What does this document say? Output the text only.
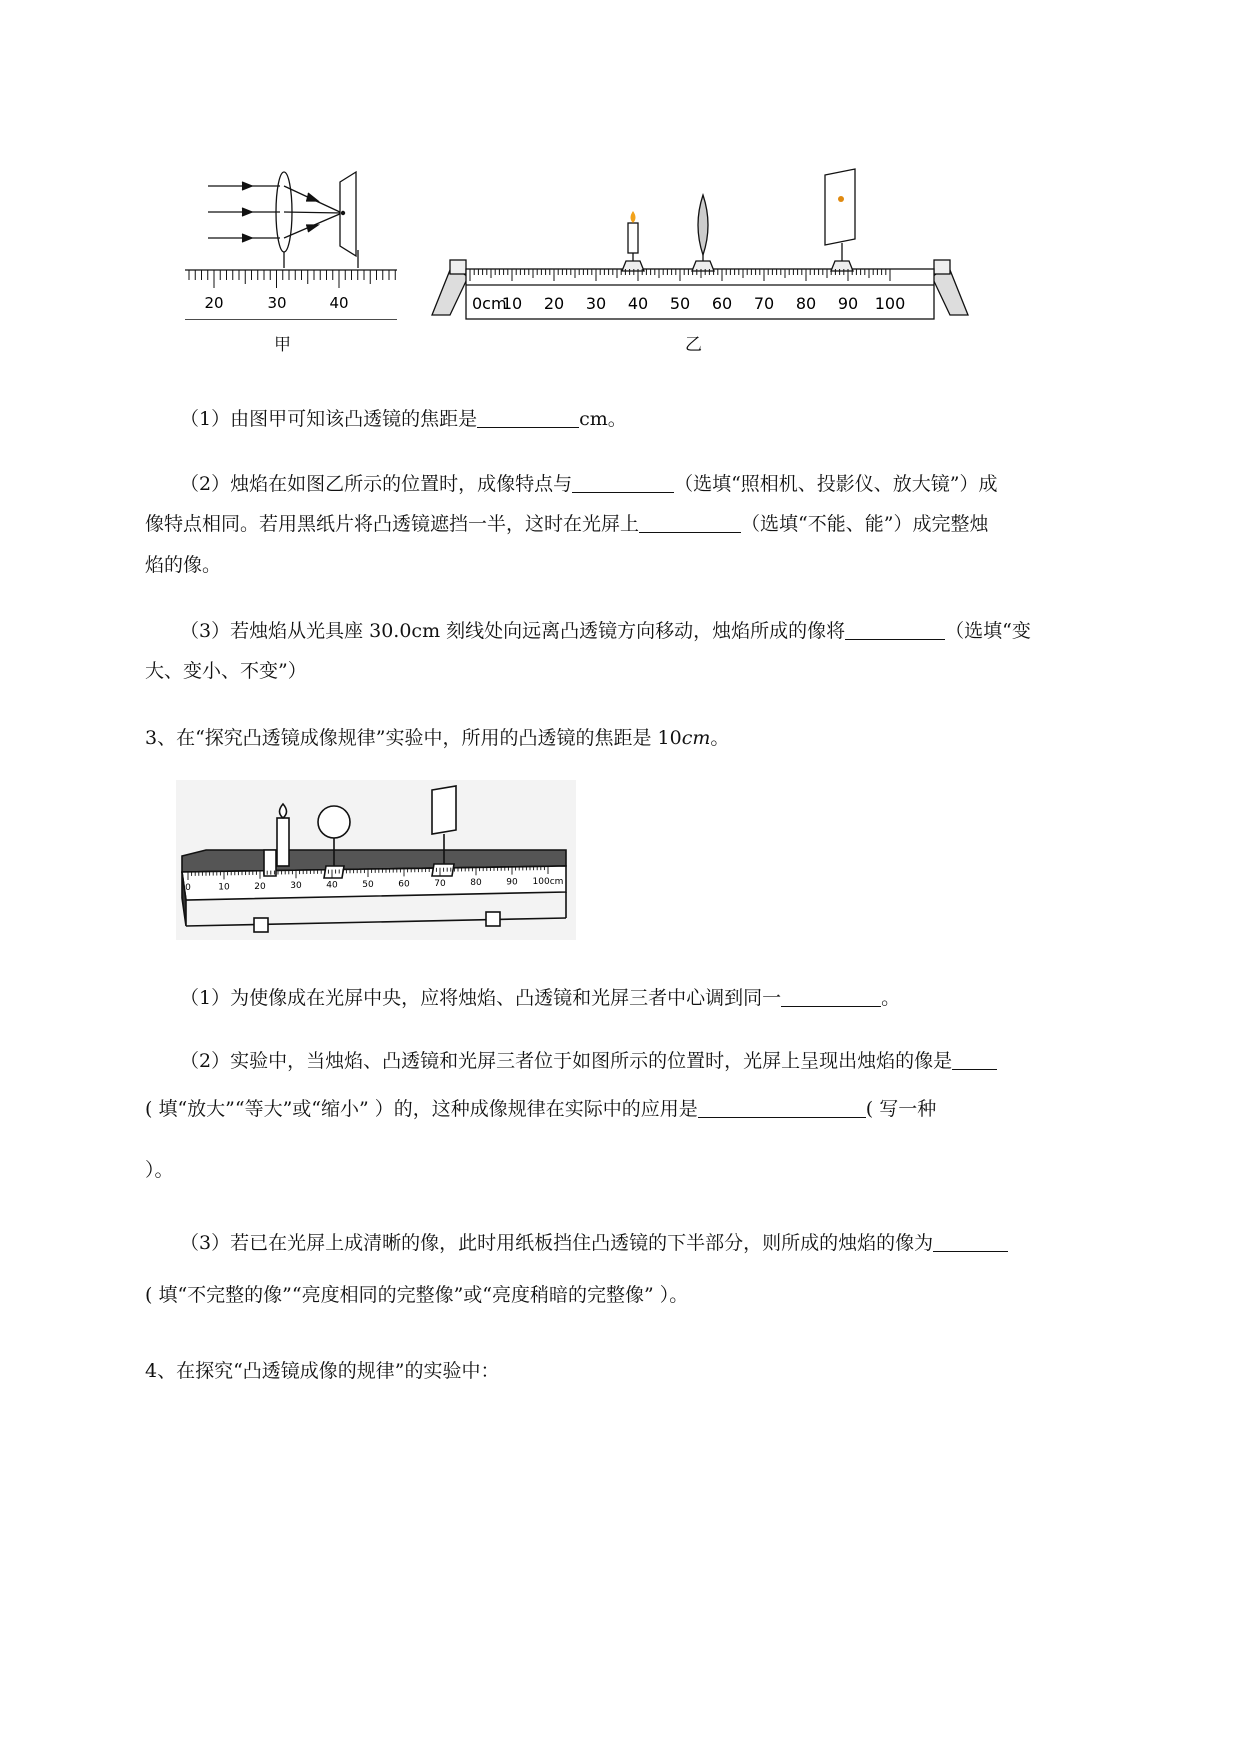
20	30	40
甲
0cm
10 20 30 40 50 60 70 80 90 100
乙
（1）由图甲可知该凸透镜的焦距是	cm。
（2）烛焰在如图乙所示的位置时，成像特点与	（选填“照相机、投影仪、放大镜”）成
像特点相同。若用黑纸片将凸透镜遮挡一半，这时在光屏上	（选填“不能、能”）成完整烛
焰的像。
（3）若烛焰从光具座 30.0cm 刻线处向远离凸透镜方向移动，烛焰所成的像将	（选填“变
大、变小、不变”）
3、在“探究凸透镜成像规律”实验中，所用的凸透镜的焦距是 10cm。
0	10	20	30	40	50	60	70	80	90 100cm
（1）为使像成在光屏中央，应将烛焰、凸透镜和光屏三者中心调到同一	。
（2）实验中，当烛焰、凸透镜和光屏三者位于如图所示的位置时，光屏上呈现出烛焰的像是
( 填“放大”“等大”或“缩小” ）的，这种成像规律在实际中的应用是	( 写一种
）。
（3）若已在光屏上成清晰的像，此时用纸板挡住凸透镜的下半部分，则所成的烛焰的像为
( 填“不完整的像”“亮度相同的完整像”或“亮度稍暗的完整像” ）。
4、在探究“凸透镜成像的规律”的实验中：
